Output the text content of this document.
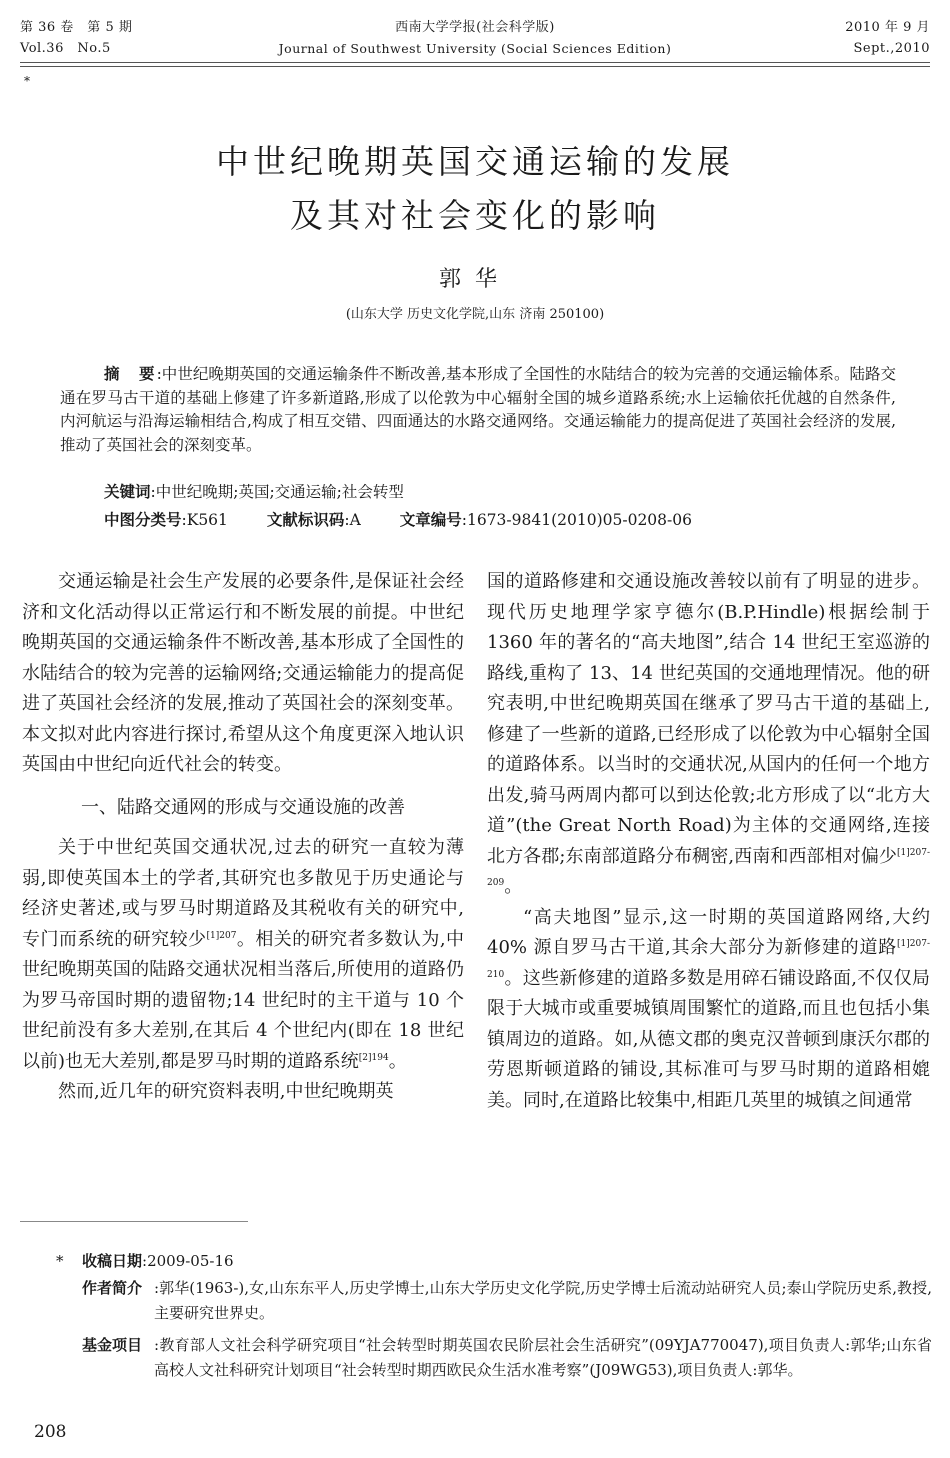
第 36 卷　第 5 期
Vol.36　No.5
西南大学学报(社会科学版)
Journal of Southwest University (Social Sciences Edition)
2010 年 9 月
Sept.,2010
*
中世纪晚期英国交通运输的发展
及其对社会变化的影响
郭华
(山东大学 历史文化学院,山东 济南 250100)
摘　要:中世纪晚期英国的交通运输条件不断改善,基本形成了全国性的水陆结合的较为完善的交通运输体系。陆路交通在罗马古干道的基础上修建了许多新道路,形成了以伦敦为中心辐射全国的城乡道路系统;水上运输依托优越的自然条件,内河航运与沿海运输相结合,构成了相互交错、四面通达的水路交通网络。交通运输能力的提高促进了英国社会经济的发展,推动了英国社会的深刻变革。
关键词:中世纪晚期;英国;交通运输;社会转型
中图分类号:K561	文献标识码:A	文章编号:1673-9841(2010)05-0208-06

交通运输是社会生产发展的必要条件,是保证社会经济和文化活动得以正常运行和不断发展的前提。中世纪晚期英国的交通运输条件不断改善,基本形成了全国性的水陆结合的较为完善的运输网络;交通运输能力的提高促进了英国社会经济的发展,推动了英国社会的深刻变革。本文拟对此内容进行探讨,希望从这个角度更深入地认识英国由中世纪向近代社会的转变。

一、陆路交通网的形成与交通设施的改善

关于中世纪英国交通状况,过去的研究一直较为薄弱,即使英国本土的学者,其研究也多散见于历史通论与经济史著述,或与罗马时期道路及其税收有关的研究中,专门而系统的研究较少$^{[1]207}$。相关的研究者多数认为,中世纪晚期英国的陆路交通状况相当落后,所使用的道路仍为罗马帝国时期的遗留物;14 世纪时的主干道与 10 个世纪前没有多大差别,在其后 4 个世纪内(即在 18 世纪以前)也无大差别,都是罗马时期的道路系统$^{[2]194}$。

然而,近几年的研究资料表明,中世纪晚期英

国的道路修建和交通设施改善较以前有了明显的进步。现代历史地理学家亨德尔(B.P.Hindle)根据绘制于 1360 年的著名的“高夫地图”,结合 14 世纪王室巡游的路线,重构了 13、14 世纪英国的交通地理情况。他的研究表明,中世纪晚期英国在继承了罗马古干道的基础上,修建了一些新的道路,已经形成了以伦敦为中心辐射全国的道路体系。以当时的交通状况,从国内的任何一个地方出发,骑马两周内都可以到达伦敦;北方形成了以“北方大道”(the Great North Road)为主体的交通网络,连接北方各郡;东南部道路分布稠密,西南和西部相对偏少$^{[1]207-209}$。

“高夫地图”显示,这一时期的英国道路网络,大约 40% 源自罗马古干道,其余大部分为新修建的道路$^{[1]207-210}$。这些新修建的道路多数是用碎石铺设路面,不仅仅局限于大城市或重要城镇周围繁忙的道路,而且也包括小集镇周边的道路。如,从德文郡的奥克汉普顿到康沃尔郡的劳恩斯顿道路的铺设,其标准可与罗马时期的道路相媲美。同时,在道路比较集中,相距几英里的城镇之间通常

* 收稿日期:2009-05-16
作者简介 :郭华(1963-),女,山东东平人,历史学博士,山东大学历史文化学院,历史学博士后流动站研究人员;泰山学院历史系,教授,主要研究世界史。
基金项目 :教育部人文社会科学研究项目“社会转型时期英国农民阶层社会生活研究”(09YJA770047),项目负责人:郭华;山东省高校人文社科研究计划项目“社会转型时期西欧民众生活水准考察”(J09WG53),项目负责人:郭华。
208
